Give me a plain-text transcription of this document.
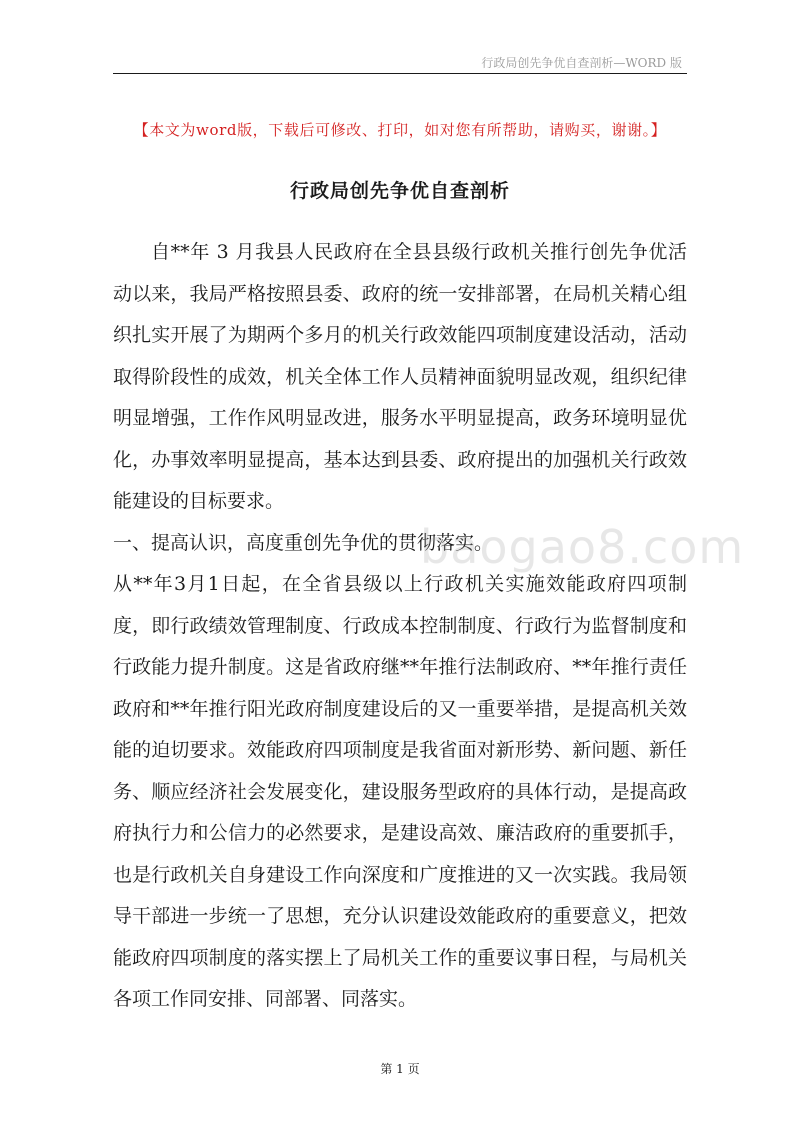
行政局创先争优自查剖析—WORD 版
【本文为word版，下载后可修改、打印，如对您有所帮助，请购买，谢谢。】
行政局创先争优自查剖析

自**年 3 月我县人民政府在全县县级行政机关推行创先争优活动以来，我局严格按照县委、政府的统一安排部署，在局机关精心组织扎实开展了为期两个多月的机关行政效能四项制度建设活动，活动取得阶段性的成效，机关全体工作人员精神面貌明显改观，组织纪律明显增强，工作作风明显改进，服务水平明显提高，政务环境明显优化，办事效率明显提高，基本达到县委、政府提出的加强机关行政效能建设的目标要求。

一、提高认识，高度重创先争优的贯彻落实。

从**年3月1日起，在全省县级以上行政机关实施效能政府四项制度，即行政绩效管理制度、行政成本控制制度、行政行为监督制度和行政能力提升制度。这是省政府继**年推行法制政府、**年推行责任政府和**年推行阳光政府制度建设后的又一重要举措，是提高机关效能的迫切要求。效能政府四项制度是我省面对新形势、新问题、新任务、顺应经济社会发展变化，建设服务型政府的具体行动，是提高政府执行力和公信力的必然要求，是建设高效、廉洁政府的重要抓手，也是行政机关自身建设工作向深度和广度推进的又一次实践。我局领导干部进一步统一了思想，充分认识建设效能政府的重要意义，把效能政府四项制度的落实摆上了局机关工作的重要议事日程，与局机关各项工作同安排、同部署、同落实。

baogao8.com
第 1 页
